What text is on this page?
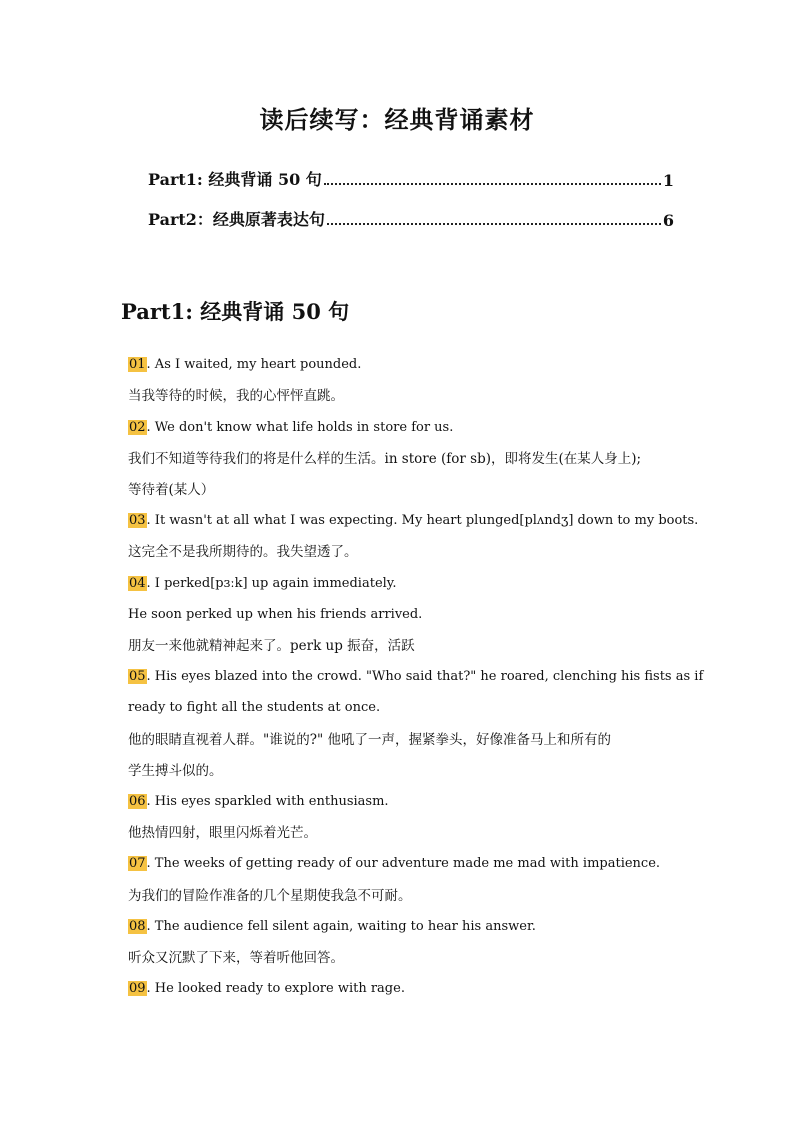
读后续写：经典背诵素材
Part1: 经典背诵 50 句	1
Part2：经典原著表达句	6
Part1: 经典背诵 50 句
01. As I waited, my heart pounded.
当我等待的时候，我的心怦怦直跳。
02. We don't know what life holds in store for us.
我们不知道等待我们的将是什么样的生活。in store (for sb)，即将发生(在某人身上);
等待着(某人）
03. It wasn't at all what I was expecting. My heart plunged[plʌndʒ] down to my boots.
这完全不是我所期待的。我失望透了。
04. I perked[pɜːk] up again immediately.
He soon perked up when his friends arrived.
朋友一来他就精神起来了。perk up 振奋，活跃
05. His eyes blazed into the crowd. "Who said that?" he roared, clenching his fists as if
ready to fight all the students at once.
他的眼睛直视着人群。"谁说的?" 他吼了一声，握紧拳头，好像准备马上和所有的
学生搏斗似的。
06. His eyes sparkled with enthusiasm.
他热情四射，眼里闪烁着光芒。
07. The weeks of getting ready of our adventure made me mad with impatience.
为我们的冒险作准备的几个星期使我急不可耐。
08. The audience fell silent again, waiting to hear his answer.
听众又沉默了下来，等着听他回答。
09. He looked ready to explore with rage.
